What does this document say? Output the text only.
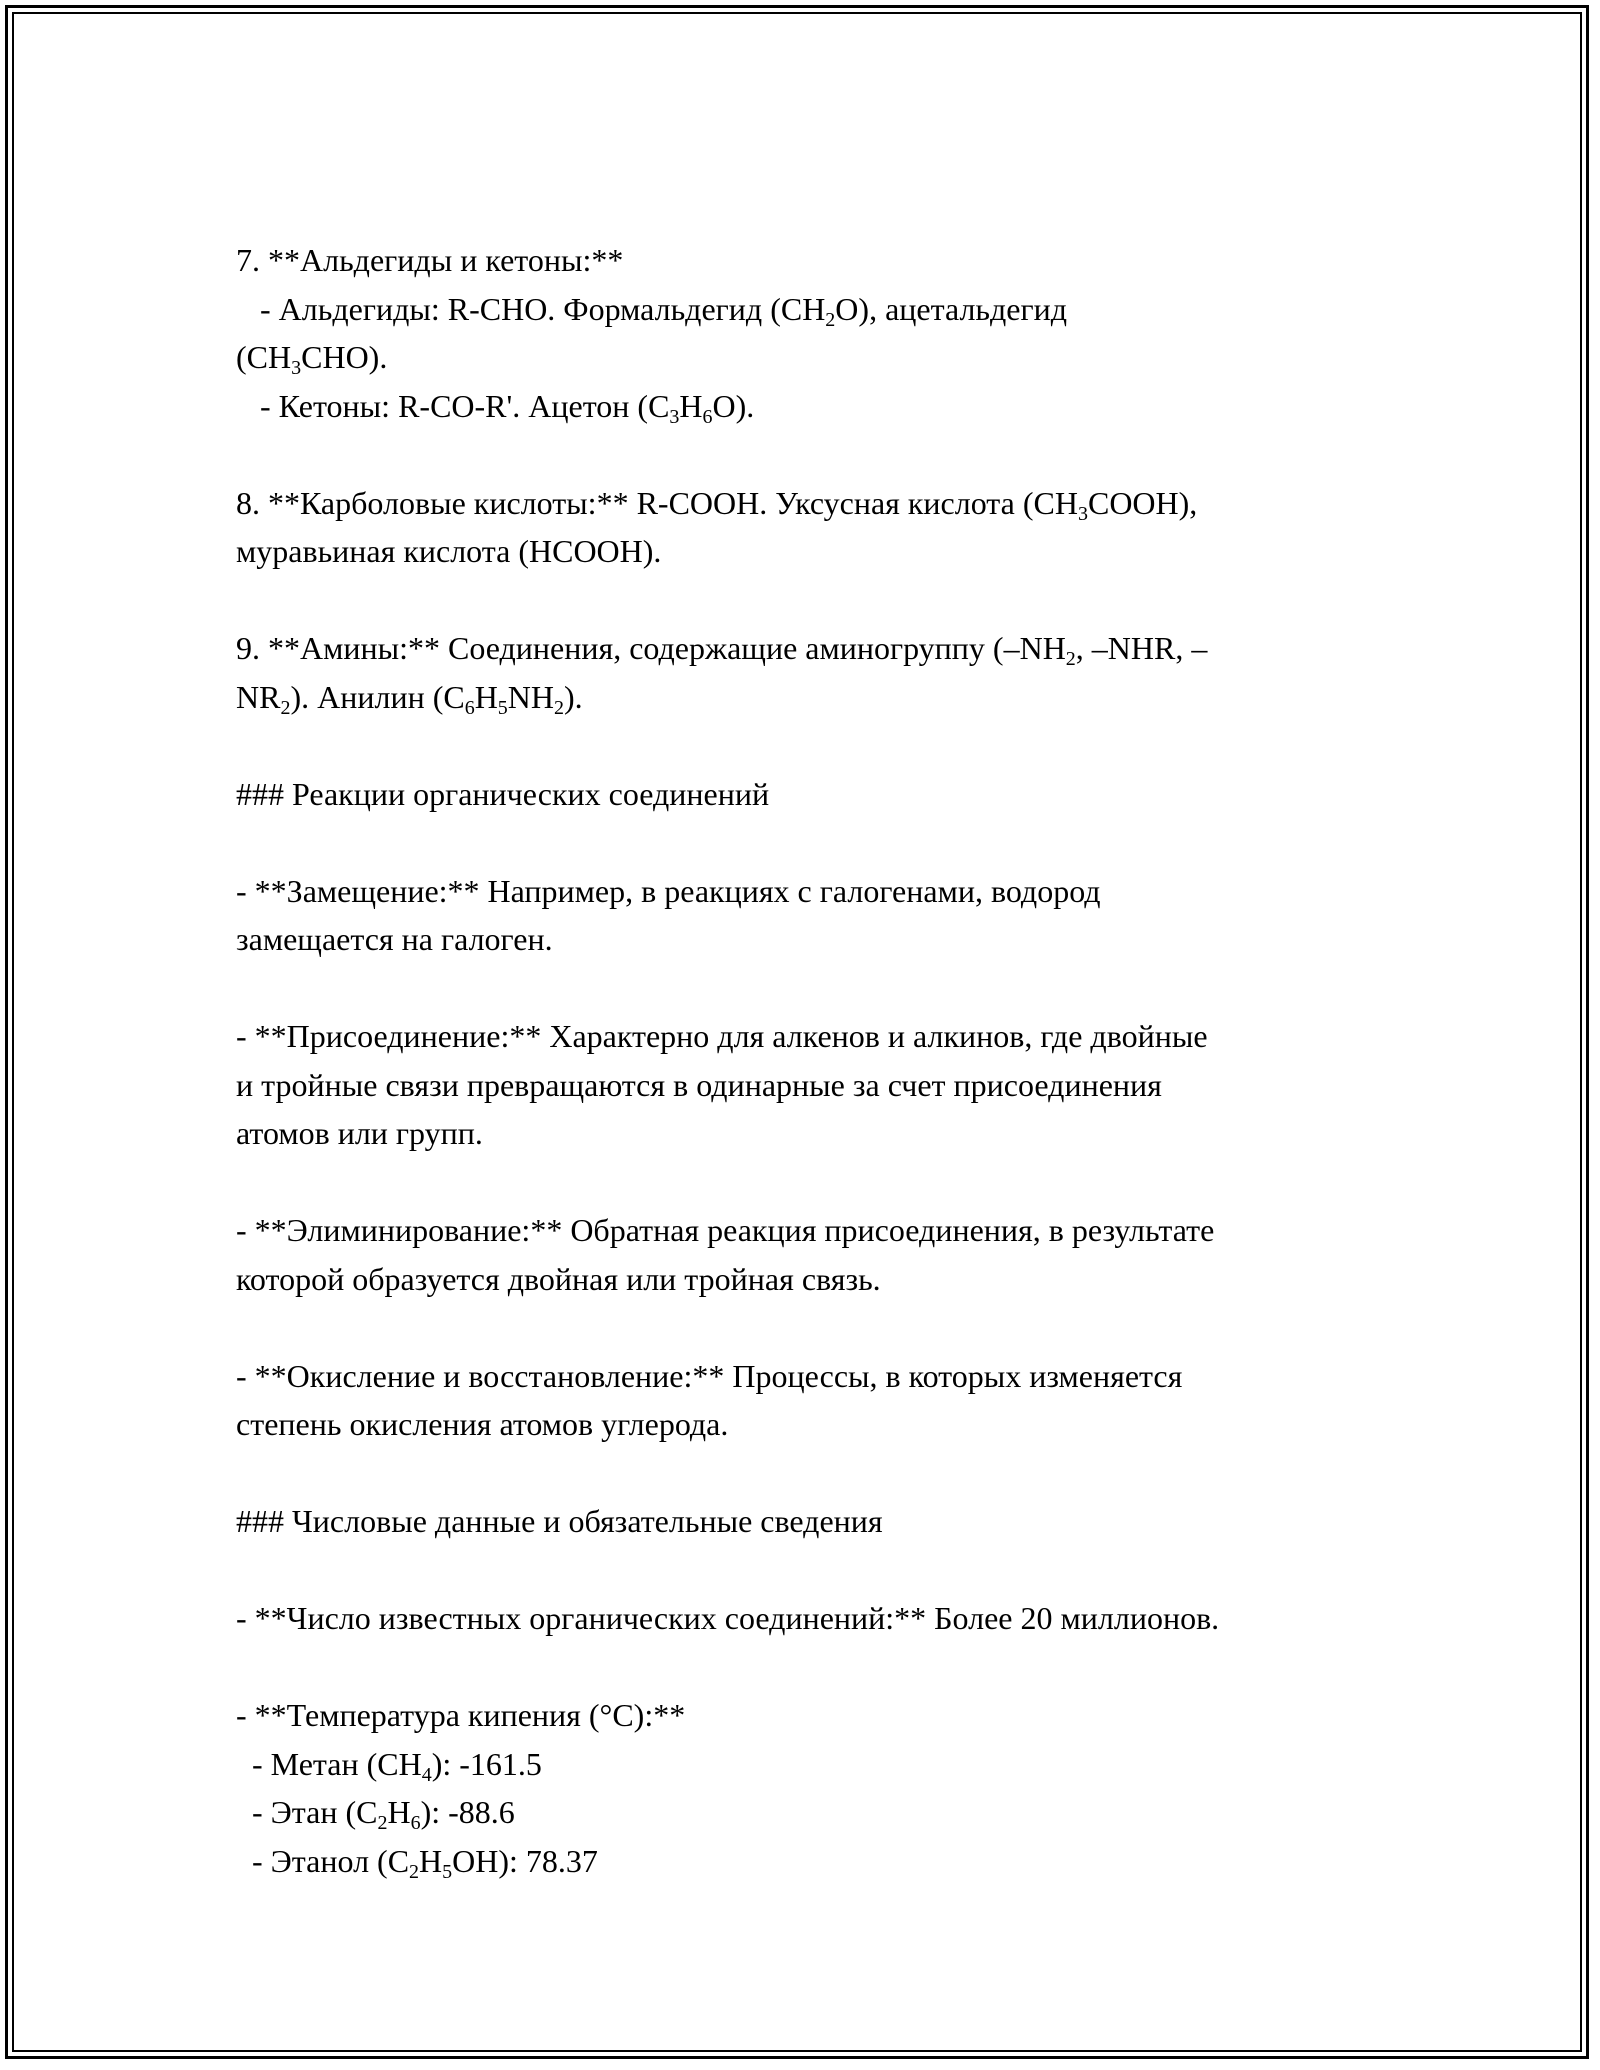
7. **Альдегиды и кетоны:**
- Альдегиды: R-CHO. Формальдегид $(CH_2O)$, ацетальдегид
$(CH_3CHO)$.
- Кетоны: R-CO-R'. Ацетон $(C_3H_6O)$.
8. **Карболовые кислоты:** R-COOH. Уксусная кислота $(CH_3COOH)$,
муравьиная кислота (HCOOH).
9. **Амины:** Соединения, содержащие аминогруппу ($-NH_2$, –NHR, –
$NR_2$). Анилин $(C_6H_5NH_2)$.
### Реакции органических соединений
- **Замещение:** Например, в реакциях с галогенами, водород
замещается на галоген.
- **Присоединение:** Характерно для алкенов и алкинов, где двойные
и тройные связи превращаются в одинарные за счет присоединения
атомов или групп.
- **Элиминирование:** Обратная реакция присоединения, в результате
которой образуется двойная или тройная связь.
- **Окисление и восстановление:** Процессы, в которых изменяется
степень окисления атомов углерода.
### Числовые данные и обязательные сведения
- **Число известных органических соединений:** Более 20 миллионов.
- **Температура кипения (°C):**
- Метан $(CH_4)$: -161.5
- Этан $(C_2H_6)$: -88.6
- Этанол $(C_2H_5OH)$: 78.37
